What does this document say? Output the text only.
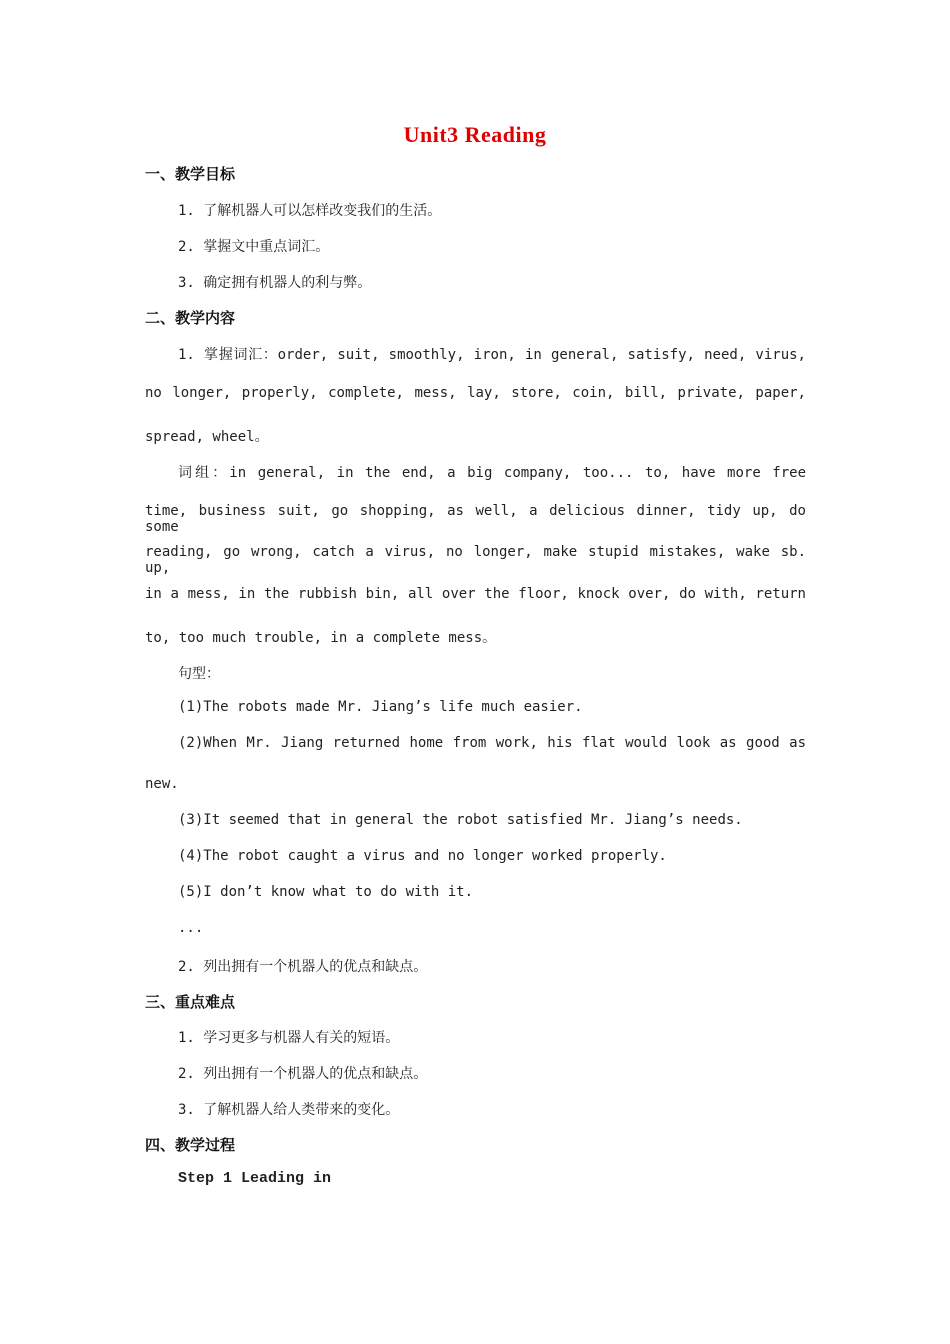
Unit3 Reading
一、教学目标
1. 了解机器人可以怎样改变我们的生活。
2. 掌握文中重点词汇。
3. 确定拥有机器人的利与弊。
二、教学内容
1. 掌握词汇：order, suit, smoothly, iron, in general, satisfy, need, virus,
no longer, properly, complete, mess, lay, store, coin, bill, private, paper,
spread, wheel。
词组：in general, in the end, a big company, too... to, have more free
time, business suit, go shopping, as well, a delicious dinner, tidy up, do some
reading, go wrong, catch a virus, no longer, make stupid mistakes, wake sb. up,
in a mess, in the rubbish bin, all over the floor, knock over, do with, return
to, too much trouble, in a complete mess。
句型：
(1)The robots made Mr. Jiang’s life much easier.
(2)When Mr. Jiang returned home from work, his flat would look as good as
new.
(3)It seemed that in general the robot satisfied Mr. Jiang’s needs.
(4)The robot caught a virus and no longer worked properly.
(5)I don’t know what to do with it.
...
2. 列出拥有一个机器人的优点和缺点。
三、重点难点
1. 学习更多与机器人有关的短语。
2. 列出拥有一个机器人的优点和缺点。
3. 了解机器人给人类带来的变化。
四、教学过程
Step 1 Leading in
